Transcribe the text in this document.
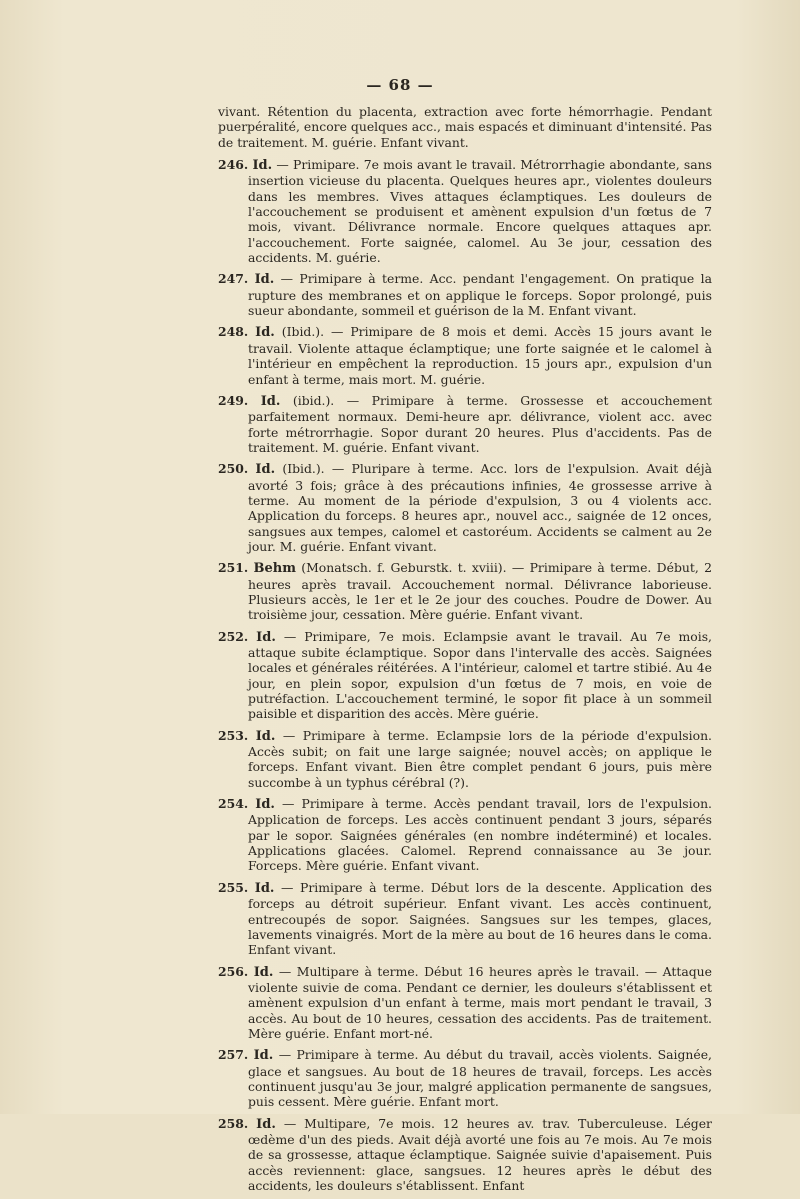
— 68 —

vivant. Rétention du placenta, extraction avec forte hémorrhagie. Pendant puerpéralité, encore quelques acc., mais espacés et diminuant d'intensité. Pas de traitement. M. guérie. Enfant vivant.

246. Id. — Primipare. 7e mois avant le travail. Métrorrhagie abondante, sans insertion vicieuse du placenta. Quelques heures apr., violentes douleurs dans les membres. Vives attaques éclamptiques. Les douleurs de l'accouchement se produisent et amènent expulsion d'un fœtus de 7 mois, vivant. Délivrance normale. Encore quelques attaques apr. l'accouchement. Forte saignée, calomel. Au 3e jour, cessation des accidents. M. guérie.

247. Id. — Primipare à terme. Acc. pendant l'engagement. On pratique la rupture des membranes et on applique le forceps. Sopor prolongé, puis sueur abondante, sommeil et guérison de la M. Enfant vivant.

248. Id. (Ibid.). — Primipare de 8 mois et demi. Accès 15 jours avant le travail. Violente attaque éclamptique; une forte saignée et le calomel à l'intérieur en empêchent la reproduction. 15 jours apr., expulsion d'un enfant à terme, mais mort. M. guérie.

249. Id. (ibid.). — Primipare à terme. Grossesse et accouchement parfaitement normaux. Demi-heure apr. délivrance, violent acc. avec forte métrorrhagie. Sopor durant 20 heures. Plus d'accidents. Pas de traitement. M. guérie. Enfant vivant.

250. Id. (Ibid.). — Pluripare à terme. Acc. lors de l'expulsion. Avait déjà avorté 3 fois; grâce à des précautions infinies, 4e grossesse arrive à terme. Au moment de la période d'expulsion, 3 ou 4 violents acc. Application du forceps. 8 heures apr., nouvel acc., saignée de 12 onces, sangsues aux tempes, calomel et castoréum. Accidents se calment au 2e jour. M. guérie. Enfant vivant.

251. Behm (Monatsch. f. Geburstk. t. xviii). — Primipare à terme. Début, 2 heures après travail. Accouchement normal. Délivrance laborieuse. Plusieurs accès, le 1er et le 2e jour des couches. Poudre de Dower. Au troisième jour, cessation. Mère guérie. Enfant vivant.

252. Id. — Primipare, 7e mois. Eclampsie avant le travail. Au 7e mois, attaque subite éclamptique. Sopor dans l'intervalle des accès. Saignées locales et générales réitérées. A l'intérieur, calomel et tartre stibié. Au 4e jour, en plein sopor, expulsion d'un fœtus de 7 mois, en voie de putréfaction. L'accouchement terminé, le sopor fit place à un sommeil paisible et disparition des accès. Mère guérie.

253. Id. — Primipare à terme. Eclampsie lors de la période d'expulsion. Accès subit; on fait une large saignée; nouvel accès; on applique le forceps. Enfant vivant. Bien être complet pendant 6 jours, puis mère succombe à un typhus cérébral (?).

254. Id. — Primipare à terme. Accès pendant travail, lors de l'expulsion. Application de forceps. Les accès continuent pendant 3 jours, séparés par le sopor. Saignées générales (en nombre indéterminé) et locales. Applications glacées. Calomel. Reprend connaissance au 3e jour. Forceps. Mère guérie. Enfant vivant.

255. Id. — Primipare à terme. Début lors de la descente. Application des forceps au détroit supérieur. Enfant vivant. Les accès continuent, entrecoupés de sopor. Saignées. Sangsues sur les tempes, glaces, lavements vinaigrés. Mort de la mère au bout de 16 heures dans le coma. Enfant vivant.

256. Id. — Multipare à terme. Début 16 heures après le travail. — Attaque violente suivie de coma. Pendant ce dernier, les douleurs s'établissent et amènent expulsion d'un enfant à terme, mais mort pendant le travail, 3 accès. Au bout de 10 heures, cessation des accidents. Pas de traitement. Mère guérie. Enfant mort-né.

257. Id. — Primipare à terme. Au début du travail, accès violents. Saignée, glace et sangsues. Au bout de 18 heures de travail, forceps. Les accès continuent jusqu'au 3e jour, malgré application permanente de sangsues, puis cessent. Mère guérie. Enfant mort.

258. Id. — Multipare, 7e mois. 12 heures av. trav. Tuberculeuse. Léger œdème d'un des pieds. Avait déjà avorté une fois au 7e mois. Au 7e mois de sa grossesse, attaque éclamptique. Saignée suivie d'apaisement. Puis accès reviennent: glace, sangsues. 12 heures après le début des accidents, les douleurs s'établissent. Enfant
